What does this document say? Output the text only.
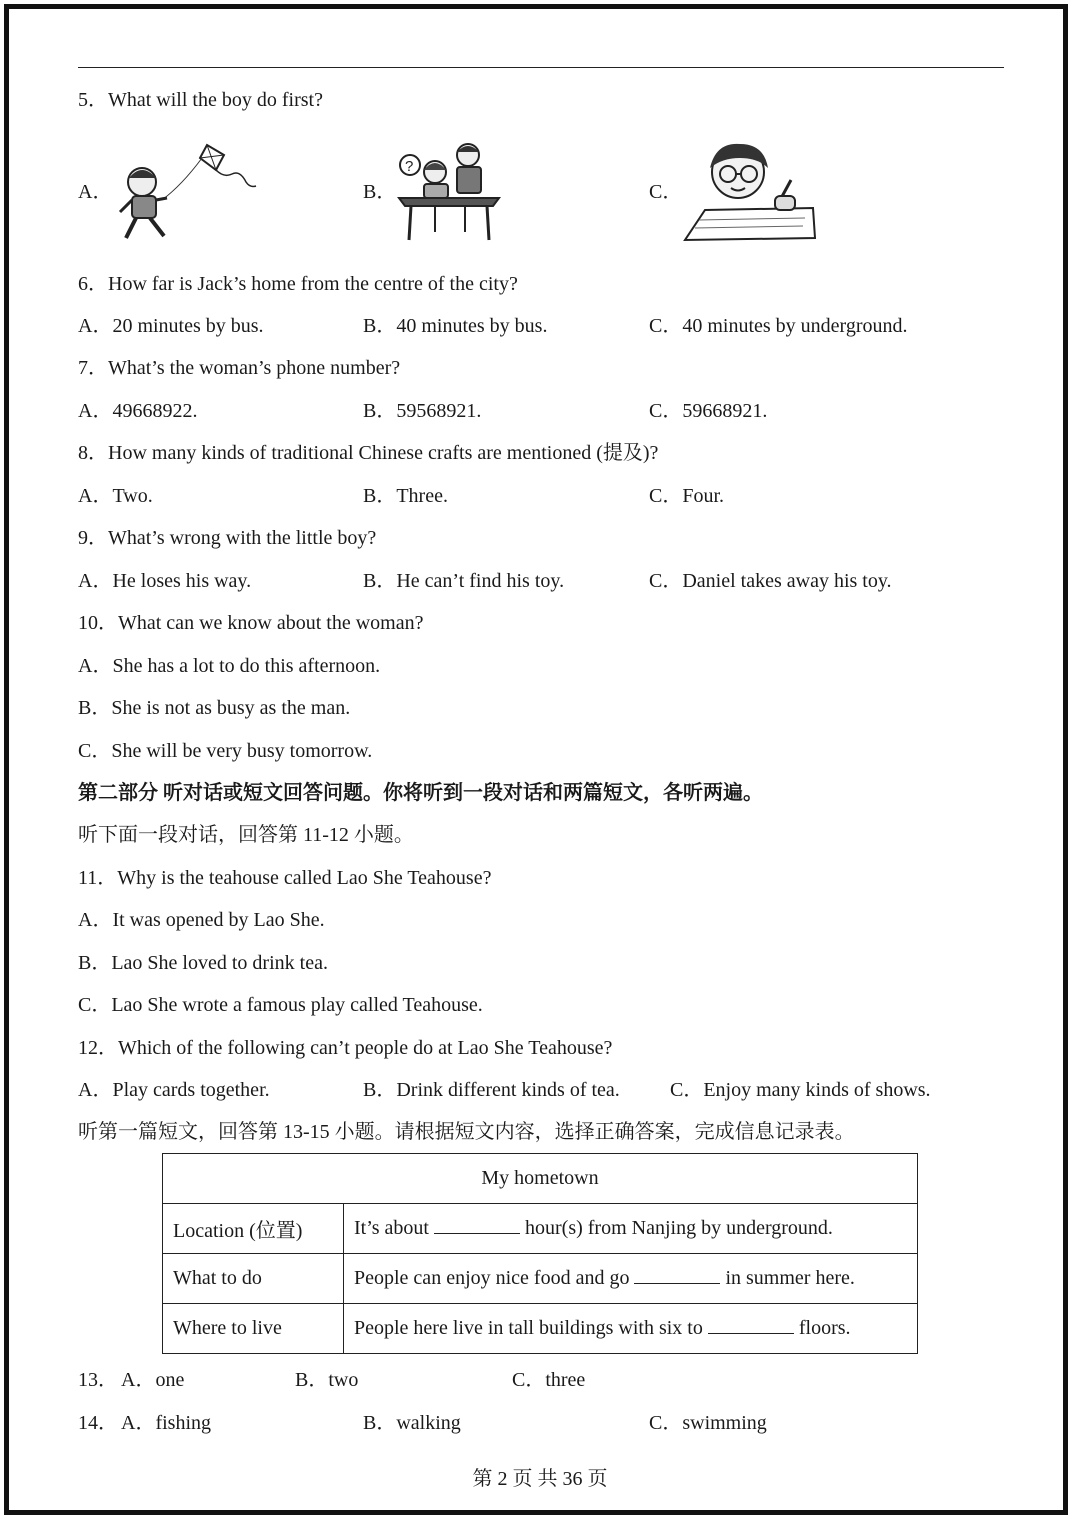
5．What will the boy do first?
A．	B．	C．
?
6．How far is Jack’s home from the centre of the city?
A．20 minutes by bus.	B．40 minutes by bus.	C．40 minutes by underground.
7．What’s the woman’s phone number?
A．49668922.	B．59568921.	C．59668921.
8．How many kinds of traditional Chinese crafts are mentioned (提及)?
A．Two.	B．Three.	C．Four.
9．What’s wrong with the little boy?
A．He loses his way.	B．He can’t find his toy.	C．Daniel takes away his toy.
10．What can we know about the woman?
A．She has a lot to do this afternoon.
B．She is not as busy as the man.
C．She will be very busy tomorrow.
第二部分 听对话或短文回答问题。你将听到一段对话和两篇短文，各听两遍。
听下面一段对话，回答第 11-12 小题。
11．Why is the teahouse called Lao She Teahouse?
A．It was opened by Lao She.
B．Lao She loved to drink tea.
C．Lao She wrote a famous play called Teahouse.
12．Which of the following can’t people do at Lao She Teahouse?
A．Play cards together.	B．Drink different kinds of tea.	C．Enjoy many kinds of shows.
听第一篇短文，回答第 13-15 小题。请根据短文内容，选择正确答案，完成信息记录表。
My hometown	
Location (位置)	It’s about hour(s) from Nanjing by underground.
What to do	People can enjoy nice food and go in summer here.
Where to live	People here live in tall buildings with six to floors.
13． A．one	B．two	C．three
14． A．fishing	B．walking	C．swimming
第 2 页 共 36 页
